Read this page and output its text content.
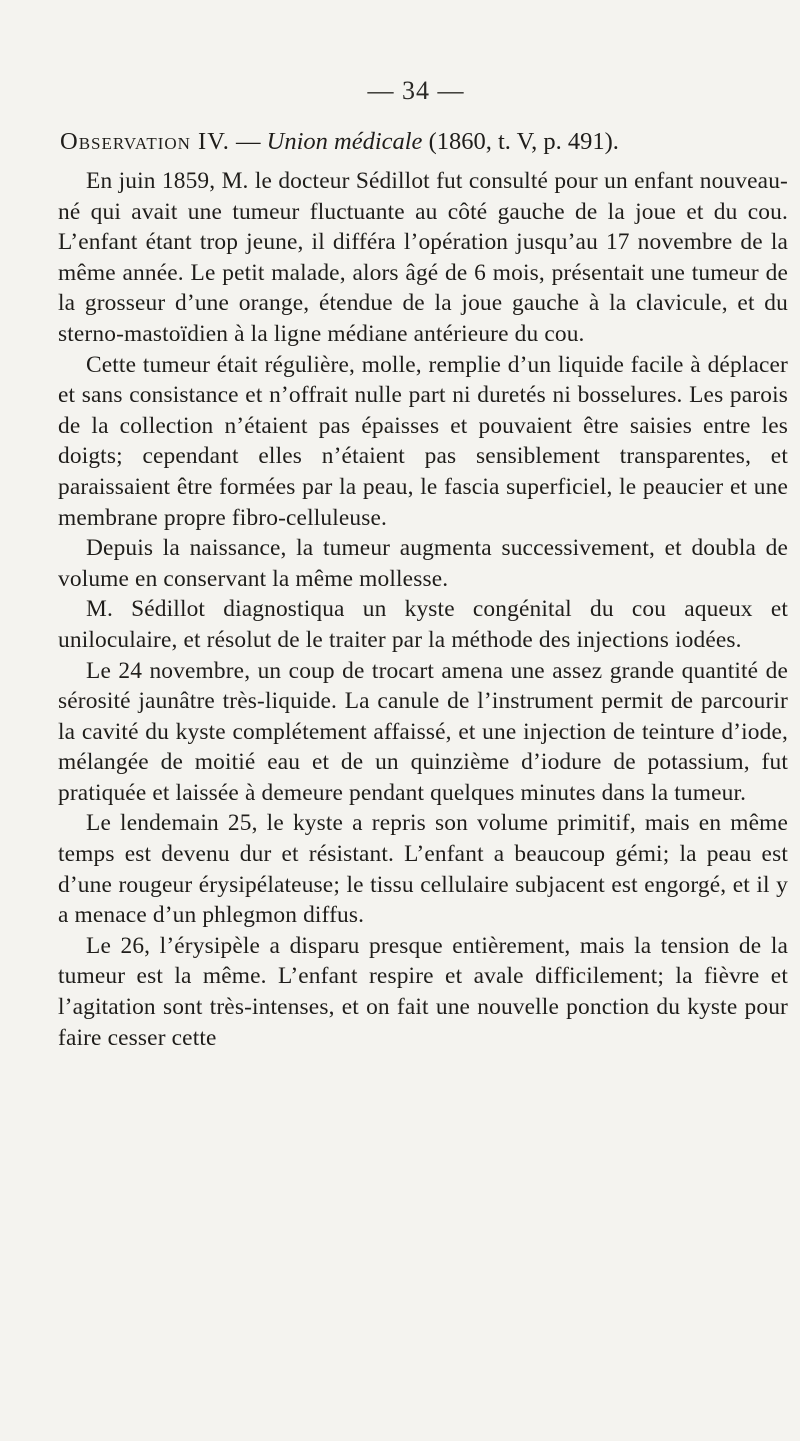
— 34 —
Observation IV. — Union médicale (1860, t. V, p. 491).

En juin 1859, M. le docteur Sédillot fut consulté pour un enfant nouveau-né qui avait une tumeur fluctuante au côté gauche de la joue et du cou. L’enfant étant trop jeune, il différa l’opération jusqu’au 17 novembre de la même année. Le petit malade, alors âgé de 6 mois, présentait une tumeur de la grosseur d’une orange, étendue de la joue gauche à la clavicule, et du sterno-mastoïdien à la ligne médiane antérieure du cou.

Cette tumeur était régulière, molle, remplie d’un liquide facile à déplacer et sans consistance et n’offrait nulle part ni duretés ni bosselures. Les parois de la collection n’étaient pas épaisses et pouvaient être saisies entre les doigts; cependant elles n’étaient pas sensiblement transparentes, et paraissaient être formées par la peau, le fascia superficiel, le peaucier et une membrane propre fibro-celluleuse.

Depuis la naissance, la tumeur augmenta successivement, et doubla de volume en conservant la même mollesse.

M. Sédillot diagnostiqua un kyste congénital du cou aqueux et uniloculaire, et résolut de le traiter par la méthode des injections iodées.

Le 24 novembre, un coup de trocart amena une assez grande quantité de sérosité jaunâtre très-liquide. La canule de l’instrument permit de parcourir la cavité du kyste complétement affaissé, et une injection de teinture d’iode, mélangée de moitié eau et de un quinzième d’iodure de potassium, fut pratiquée et laissée à demeure pendant quelques minutes dans la tumeur.

Le lendemain 25, le kyste a repris son volume primitif, mais en même temps est devenu dur et résistant. L’enfant a beaucoup gémi; la peau est d’une rougeur érysipélateuse; le tissu cellulaire subjacent est engorgé, et il y a menace d’un phlegmon diffus.

Le 26, l’érysipèle a disparu presque entièrement, mais la tension de la tumeur est la même. L’enfant respire et avale difficilement; la fièvre et l’agitation sont très-intenses, et on fait une nouvelle ponction du kyste pour faire cesser cette
